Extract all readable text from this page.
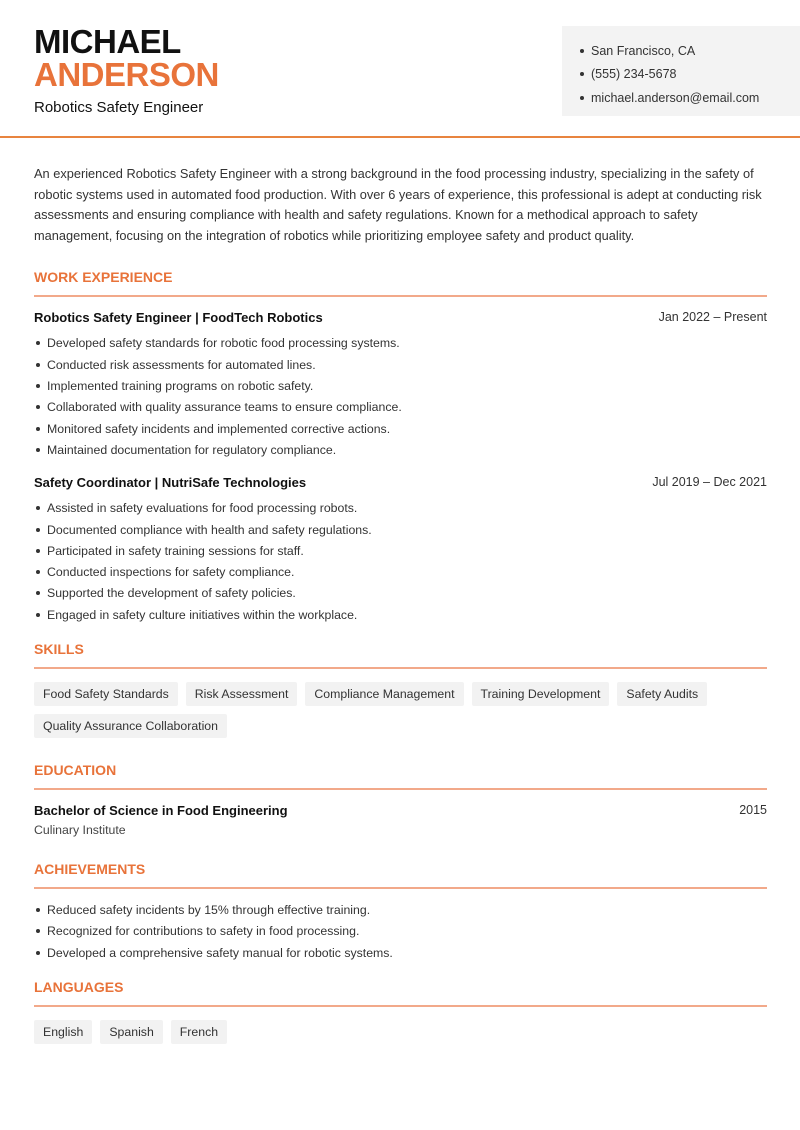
MICHAEL
ANDERSON
Robotics Safety Engineer
San Francisco, CA
(555) 234-5678
michael.anderson@email.com

An experienced Robotics Safety Engineer with a strong background in the food processing industry, specializing in the safety of robotic systems used in automated food production. With over 6 years of experience, this professional is adept at conducting risk assessments and ensuring compliance with health and safety regulations. Known for a methodical approach to safety management, focusing on the integration of robotics while prioritizing employee safety and product quality.

WORK EXPERIENCE
Robotics Safety Engineer | FoodTech Robotics	Jan 2022 – Present
Developed safety standards for robotic food processing systems.
Conducted risk assessments for automated lines.
Implemented training programs on robotic safety.
Collaborated with quality assurance teams to ensure compliance.
Monitored safety incidents and implemented corrective actions.
Maintained documentation for regulatory compliance.
Safety Coordinator | NutriSafe Technologies	Jul 2019 – Dec 2021
Assisted in safety evaluations for food processing robots.
Documented compliance with health and safety regulations.
Participated in safety training sessions for staff.
Conducted inspections for safety compliance.
Supported the development of safety policies.
Engaged in safety culture initiatives within the workplace.
SKILLS
Food Safety Standards	Risk Assessment	Compliance Management	Training Development	Safety Audits
Quality Assurance Collaboration
EDUCATION
Bachelor of Science in Food Engineering	2015
Culinary Institute
ACHIEVEMENTS
Reduced safety incidents by 15% through effective training.
Recognized for contributions to safety in food processing.
Developed a comprehensive safety manual for robotic systems.
LANGUAGES
English	Spanish	French
